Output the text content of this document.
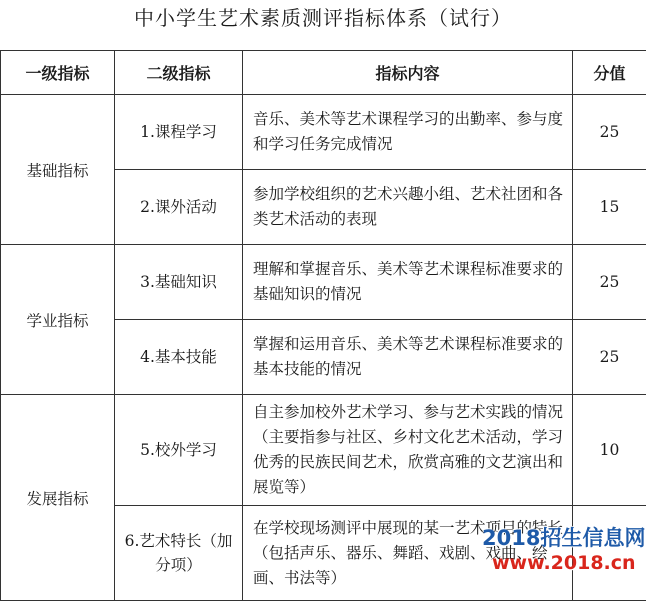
中小学生艺术素质测评指标体系（试行）
一级指标	二级指标	指标内容	分值
基础指标	1.课程学习	音乐、美术等艺术课程学习的出勤率、参与度和学习任务完成情况	25
	2.课外活动	参加学校组织的艺术兴趣小组、艺术社团和各类艺术活动的表现	15
学业指标	3.基础知识	理解和掌握音乐、美术等艺术课程标准要求的基础知识的情况	25
	4.基本技能	掌握和运用音乐、美术等艺术课程标准要求的基本技能的情况	25
发展指标	5.校外学习	自主参加校外艺术学习、参与艺术实践的情况（主要指参与社区、乡村文化艺术活动，学习优秀的民族民间艺术，欣赏高雅的文艺演出和展览等）	10
	6.艺术特长（加分项）	在学校现场测评中展现的某一艺术项目的特长（包括声乐、器乐、舞蹈、戏剧、戏曲、绘画、书法等）	
2018招生信息网
www.2018.cn
